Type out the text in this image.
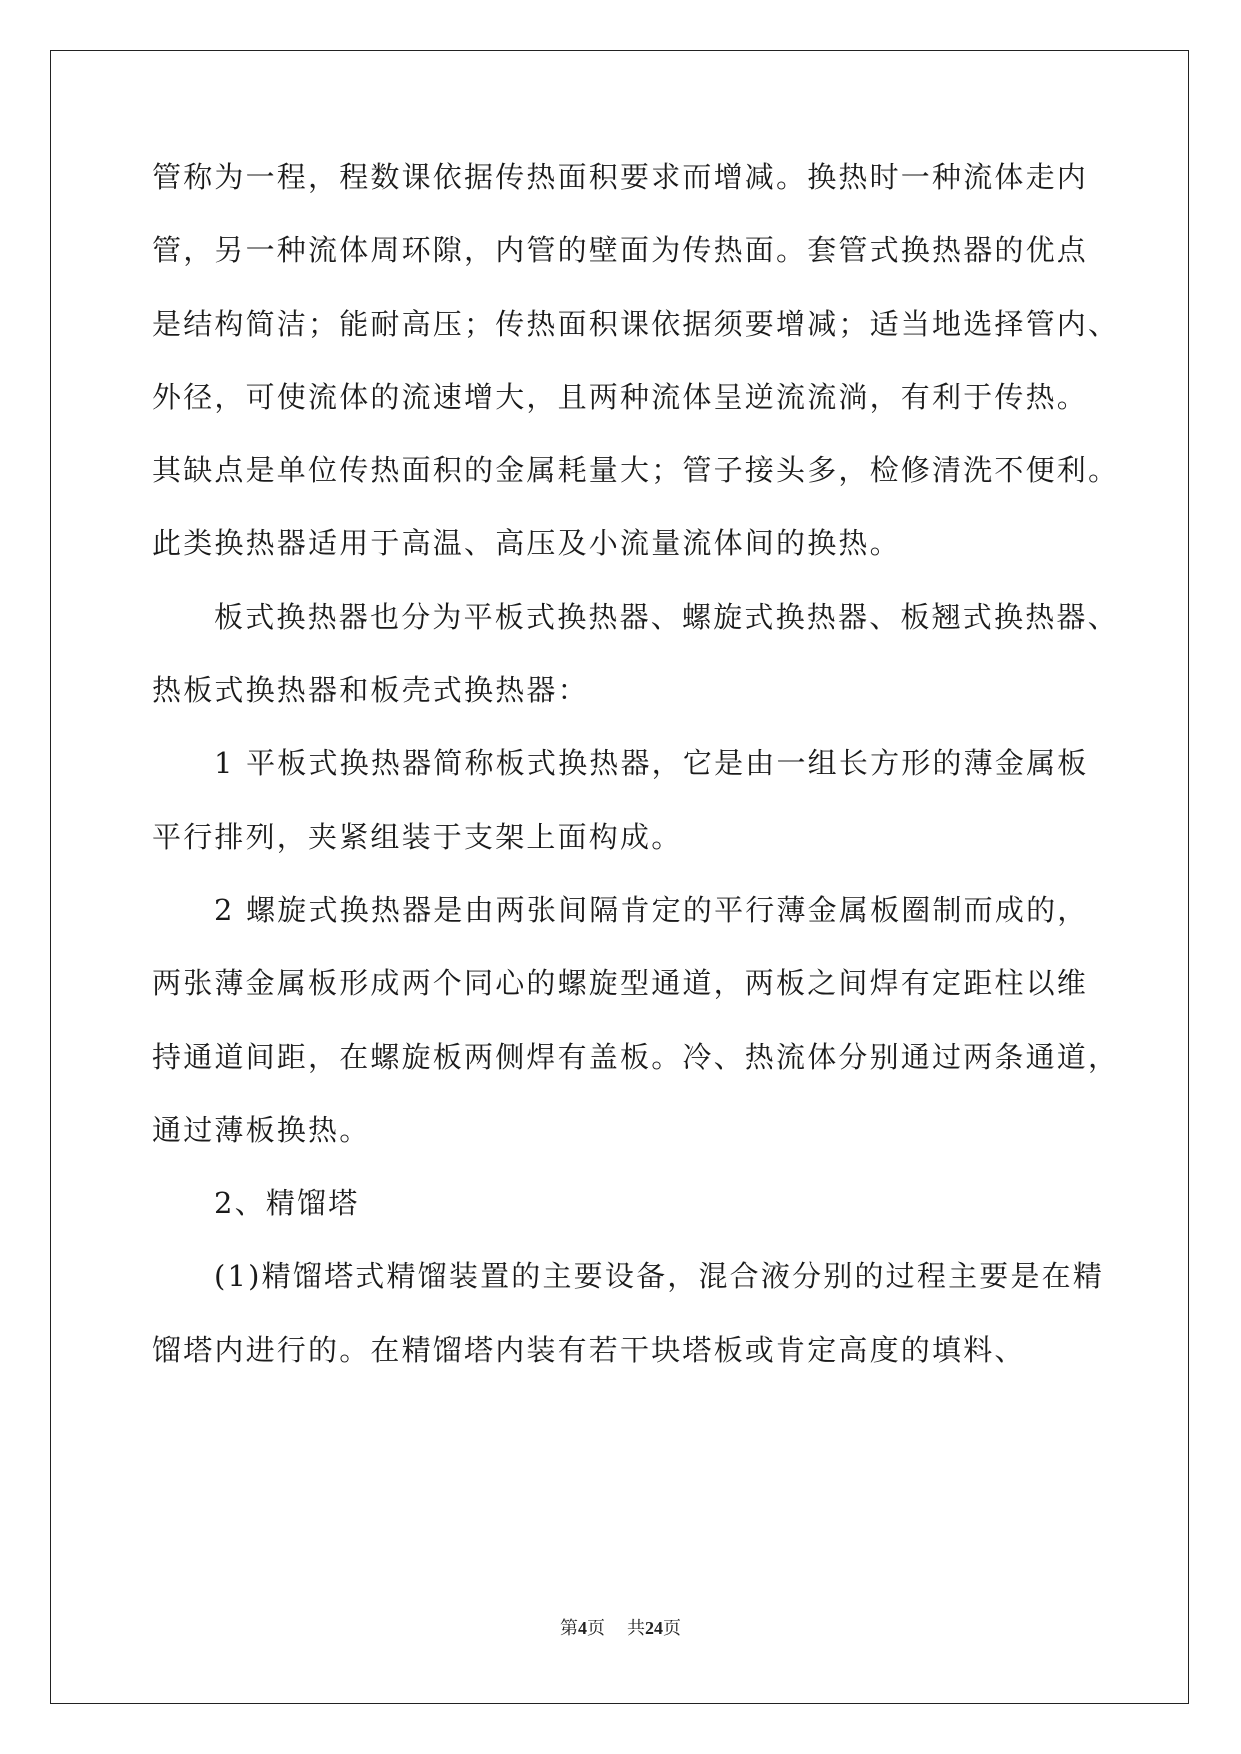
管称为一程，程数课依据传热面积要求而增减。换热时一种流体走内

管，另一种流体周环隙，内管的壁面为传热面。套管式换热器的优点

是结构简洁；能耐高压；传热面积课依据须要增减；适当地选择管内、

外径，可使流体的流速增大，且两种流体呈逆流流淌，有利于传热。

其缺点是单位传热面积的金属耗量大；管子接头多，检修清洗不便利。

此类换热器适用于高温、高压及小流量流体间的换热。

板式换热器也分为平板式换热器、螺旋式换热器、板翘式换热器、

热板式换热器和板壳式换热器：

1 平板式换热器简称板式换热器，它是由一组长方形的薄金属板

平行排列，夹紧组装于支架上面构成。

2 螺旋式换热器是由两张间隔肯定的平行薄金属板圈制而成的，

两张薄金属板形成两个同心的螺旋型通道，两板之间焊有定距柱以维

持通道间距，在螺旋板两侧焊有盖板。冷、热流体分别通过两条通道，

通过薄板换热。

2、精馏塔

(1)精馏塔式精馏装置的主要设备，混合液分别的过程主要是在精

馏塔内进行的。在精馏塔内装有若干块塔板或肯定高度的填料、

第4页 共24页
